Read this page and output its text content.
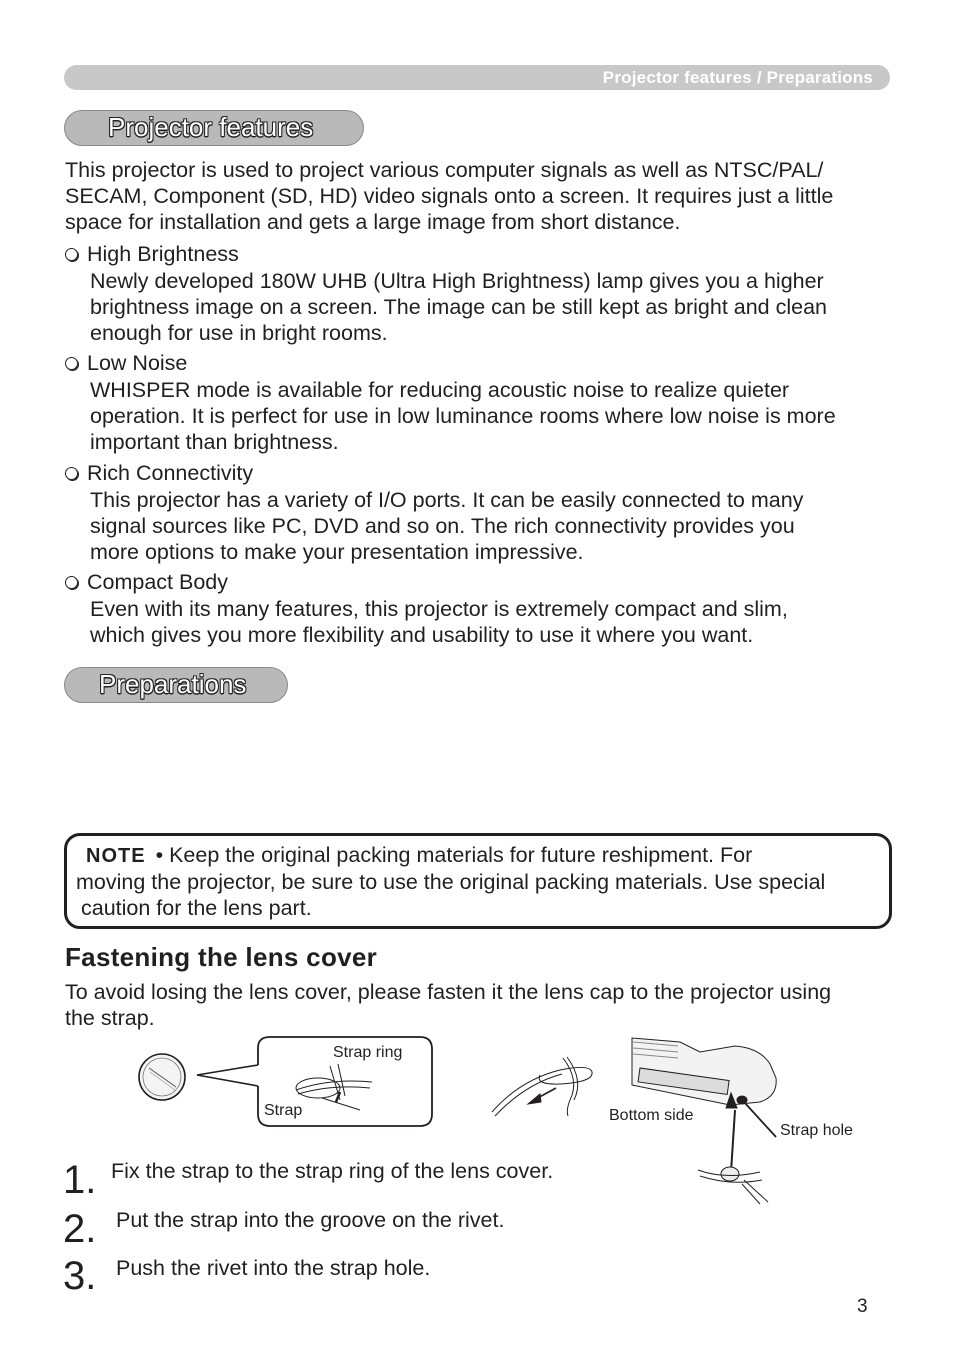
Projector features / Preparations
Projector features
This projector is used to project various computer signals as well as NTSC/PAL/
SECAM, Component (SD, HD) video signals onto a screen. It requires just a little
space for installation and gets a large image from short distance.
High Brightness
Newly developed 180W UHB (Ultra High Brightness) lamp gives you a higher
brightness image on a screen. The image can be still kept as bright and clean
enough for use in bright rooms.
Low Noise
WHISPER mode is available for reducing acoustic noise to realize quieter
operation. It is perfect for use in low luminance rooms where low noise is more
important than brightness.
Rich Connectivity
This projector has a variety of I/O ports. It can be easily connected to many
signal sources like PC, DVD and so on. The rich connectivity provides you
more options to make your presentation impressive.
Compact Body
Even with its many features, this projector is extremely compact and slim,
which gives you more flexibility and usability to use it where you want.
Preparations
NOTE • Keep the original packing materials for future reshipment. For
moving the projector, be sure to use the original packing materials. Use special
caution for the lens part.
Fastening the lens cover
To avoid losing the lens cover, please fasten it the lens cap to the projector using
the strap.
Strap ring
Strap	Bottom side
Strap hole
1. Fix the strap to the strap ring of the lens cover.
2. Put the strap into the groove on the rivet.
3. Push the rivet into the strap hole.
3
